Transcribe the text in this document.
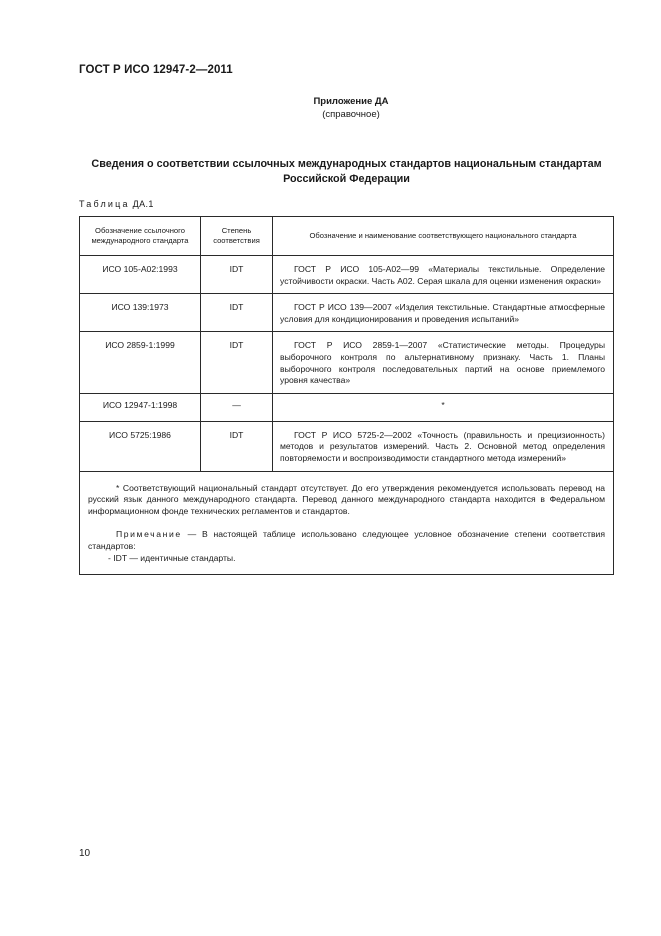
ГОСТ Р ИСО 12947-2—2011
Приложение ДА
(справочное)
Сведения о соответствии ссылочных международных стандартов национальным стандартам
Российской Федерации
Таблица ДА.1
Обозначение ссылочного международного стандарта	Степень соответствия	Обозначение и наименование соответствующего национального стандарта
ИСО 105-А02:1993	IDT	ГОСТ Р ИСО 105-А02—99 «Материалы текстильные. Определение устойчивости окраски. Часть А02. Серая шкала для оценки изменения окраски»

ИСО 139:1973	IDT	ГОСТ Р ИСО 139—2007 «Изделия текстильные. Стандартные атмосферные условия для кондиционирования и проведения испытаний»

ИСО 2859-1:1999	IDT	ГОСТ Р ИСО 2859-1—2007 «Статистические методы. Процедуры выборочного контроля по альтернативному признаку. Часть 1. Планы выборочного контроля последовательных партий на основе приемлемого уровня качества»

ИСО 12947-1:1998	—	*
ИСО 5725:1986	IDT	ГОСТ Р ИСО 5725-2—2002 «Точность (правильность и прецизионность) методов и результатов измерений. Часть 2. Основной метод определения повторяемости и воспроизводимости стандартного метода измерений»

* Соответствующий национальный стандарт отсутствует. До его утверждения рекомендуется использовать перевод на русский язык данного международного стандарта. Перевод данного международного стандарта находится в Федеральном информационном фонде технических регламентов и стандартов.
Примечание — В настоящей таблице использовано следующее условное обозначение степени соответствия стандартов:
- IDT — идентичные стандарты.		
10
